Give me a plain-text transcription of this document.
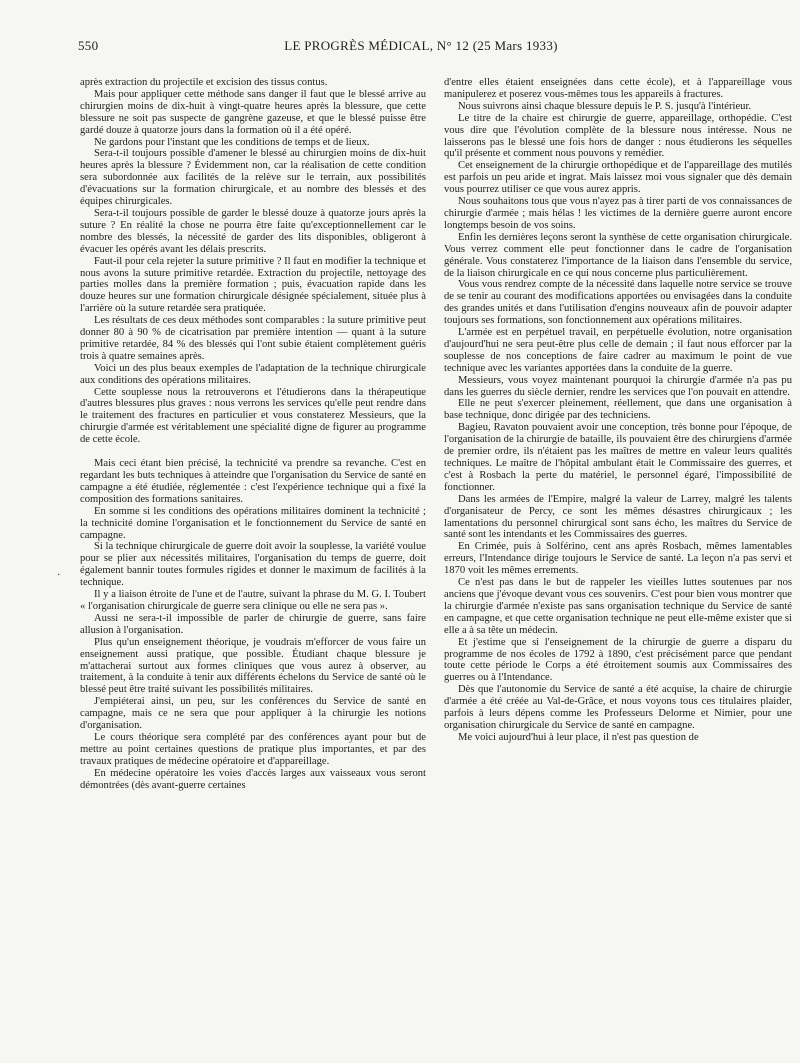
550	LE PROGRÈS MÉDICAL, N° 12 (25 Mars 1933)

après extraction du projectile et excision des tissus contus.

Mais pour appliquer cette méthode sans danger il faut que le blessé arrive au chirurgien moins de dix-huit à vingt-quatre heures après la blessure, que cette blessure ne soit pas suspecte de gangrène gazeuse, et que le blessé puisse être gardé douze à quatorze jours dans la formation où il a été opéré.

Ne gardons pour l'instant que les conditions de temps et de lieux.

Sera-t-il toujours possible d'amener le blessé au chirurgien moins de dix-huit heures après la blessure ? Évidemment non, car la réalisation de cette condition sera subordonnée aux facilités de la relève sur le terrain, aux possibilités d'évacuations sur la formation chirurgicale, et au nombre des blessés et des équipes chirurgicales.

Sera-t-il toujours possible de garder le blessé douze à quatorze jours après la suture ? En réalité la chose ne pourra être faite qu'exceptionnellement car le nombre des blessés, la nécessité de garder des lits disponibles, obligeront à évacuer les opérés avant les délais prescrits.

Faut-il pour cela rejeter la suture primitive ? Il faut en modifier la technique et nous avons la suture primitive retardée. Extraction du projectile, nettoyage des parties molles dans la première formation ; puis, évacuation rapide dans les douze heures sur une formation chirurgicale désignée spécialement, située plus à l'arrière où la suture retardée sera pratiquée.

Les résultats de ces deux méthodes sont comparables : la suture primitive peut donner 80 à 90 % de cicatrisation par première intention — quant à la suture primitive retardée, 84 % des blessés qui l'ont subie étaient complètement guéris trois à quatre semaines après.

Voici un des plus beaux exemples de l'adaptation de la technique chirurgicale aux conditions des opérations militaires.

Cette souplesse nous la retrouverons et l'étudierons dans la thérapeutique d'autres blessures plus graves : nous verrons les services qu'elle peut rendre dans le traitement des fractures en particulier et vous constaterez Messieurs, que la chirurgie d'armée est véritablement une spécialité digne de figurer au programme de cette école.

Mais ceci étant bien précisé, la technicité va prendre sa revanche. C'est en regardant les buts techniques à atteindre que l'organisation du Service de santé en campagne a été étudiée, réglementée : c'est l'expérience technique qui a fixé la composition des formations sanitaires.

En somme si les conditions des opérations militaires dominent la technicité ; la technicité domine l'organisation et le fonctionnement du Service de santé en campagne.

Si la technique chirurgicale de guerre doit avoir la souplesse, la variété voulue pour se plier aux nécessités militaires, l'organisation du temps de guerre, doit également bannir toutes formules rigides et donner le maximum de facilités à la technique.

Il y a liaison étroite de l'une et de l'autre, suivant la phrase du M. G. I. Toubert « l'organisation chirurgicale de guerre sera clinique ou elle ne sera pas ».

Aussi ne sera-t-il impossible de parler de chirurgie de guerre, sans faire allusion à l'organisation.

Plus qu'un enseignement théorique, je voudrais m'efforcer de vous faire un enseignement aussi pratique, que possible. Étudiant chaque blessure je m'attacherai surtout aux formes cliniques que vous aurez à observer, au traitement, à la conduite à tenir aux différents échelons du Service de santé où le blessé peut être traité suivant les possibilités militaires.

J'empiéterai ainsi, un peu, sur les conférences du Service de santé en campagne, mais ce ne sera que pour appliquer à la chirurgie les notions d'organisation.

Le cours théorique sera complété par des conférences ayant pour but de mettre au point certaines questions de pratique plus importantes, et par des travaux pratiques de médecine opératoire et d'appareillage.

En médecine opératoire les voies d'accès larges aux vaisseaux vous seront démontrées (dès avant-guerre certaines

·

d'entre elles étaient enseignées dans cette école), et à l'appareillage vous manipulerez et poserez vous-mêmes tous les appareils à fractures.

Nous suivrons ainsi chaque blessure depuis le P. S. jusqu'à l'intérieur.

Le titre de la chaire est chirurgie de guerre, appareillage, orthopédie. C'est vous dire que l'évolution complète de la blessure nous intéresse. Nous ne laisserons pas le blessé une fois hors de danger : nous étudierons les séquelles qu'il présente et comment nous pouvons y remédier.

Cet enseignement de la chirurgie orthopédique et de l'appareillage des mutilés est parfois un peu aride et ingrat. Mais laissez moi vous signaler que dès demain vous pourrez utiliser ce que vous aurez appris.

Nous souhaitons tous que vous n'ayez pas à tirer parti de vos connaissances de chirurgie d'armée ; mais hélas ! les victimes de la dernière guerre auront encore longtemps besoin de vos soins.

Enfin les dernières leçons seront la synthèse de cette organisation chirurgicale. Vous verrez comment elle peut fonctionner dans le cadre de l'organisation générale. Vous constaterez l'importance de la liaison dans l'ensemble du service, de la liaison chirurgicale en ce qui nous concerne plus particulièrement.

Vous vous rendrez compte de la nécessité dans laquelle notre service se trouve de se tenir au courant des modifications apportées ou envisagées dans la conduite des grandes unités et dans l'utilisation d'engins nouveaux afin de pouvoir adapter toujours ses formations, son fonctionnement aux opérations militaires.

L'armée est en perpétuel travail, en perpétuelle évolution, notre organisation d'aujourd'hui ne sera peut-être plus celle de demain ; il faut nous efforcer par la souplesse de nos conceptions de faire cadrer au maximum le point de vue technique avec les variantes apportées dans la conduite de la guerre.

Messieurs, vous voyez maintenant pourquoi la chirurgie d'armée n'a pas pu dans les guerres du siècle dernier, rendre les services que l'on pouvait en attendre.

Elle ne peut s'exercer pleinement, réellement, que dans une organisation à base technique, donc dirigée par des techniciens.

Bagieu, Ravaton pouvaient avoir une conception, très bonne pour l'époque, de l'organisation de la chirurgie de bataille, ils pouvaient être des chirurgiens d'armée de premier ordre, ils n'étaient pas les maîtres de mettre en valeur leurs qualités techniques. Le maître de l'hôpital ambulant était le Commissaire des guerres, et c'est à Rosbach la perte du matériel, le personnel égaré, l'impossibilité de fonctionner.

Dans les armées de l'Empire, malgré la valeur de Larrey, malgré les talents d'organisateur de Percy, ce sont les mêmes désastres chirurgicaux ; les lamentations du personnel chirurgical sont sans écho, les maîtres du Service de santé sont les intendants et les Commissaires des guerres.

En Crimée, puis à Solférino, cent ans après Rosbach, mêmes lamentables erreurs, l'Intendance dirige toujours le Service de santé. La leçon n'a pas servi et 1870 voit les mêmes errements.

Ce n'est pas dans le but de rappeler les vieilles luttes soutenues par nos anciens que j'évoque devant vous ces souvenirs. C'est pour bien vous montrer que la chirurgie d'armée n'existe pas sans organisation technique du Service de santé en campagne, et que cette organisation technique ne peut elle-même exister que si elle a à sa tête un médecin.

Et j'estime que si l'enseignement de la chirurgie de guerre a disparu du programme de nos écoles de 1792 à 1890, c'est précisément parce que pendant toute cette période le Corps a été étroitement soumis aux Commissaires des guerres ou à l'Intendance.

Dès que l'autonomie du Service de santé a été acquise, la chaire de chirurgie d'armée a été créée au Val-de-Grâce, et nous voyons tous ces titulaires plaider, parfois à leurs dépens comme les Professeurs Delorme et Nimier, pour une organisation chirurgicale du Service de santé en campagne.

Me voici aujourd'hui à leur place, il n'est pas question de
